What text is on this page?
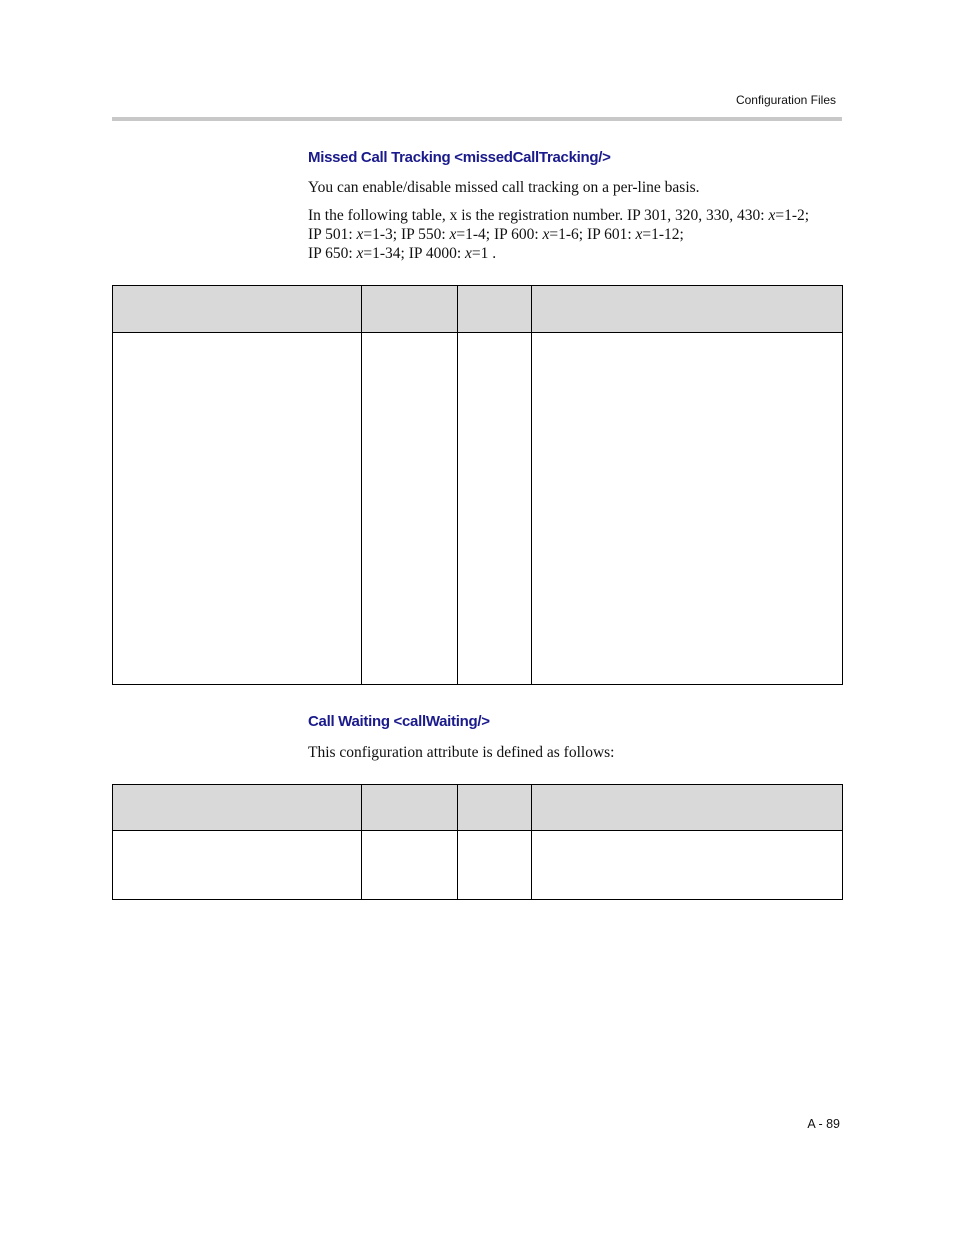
Configuration Files
Missed Call Tracking <missedCallTracking/>
You can enable/disable missed call tracking on a per-line basis.
In the following table, x is the registration number. IP 301, 320, 330, 430: x=1-2;
IP 501: x=1-3; IP 550: x=1-4; IP 600: x=1-6; IP 601: x=1-12;
IP 650: x=1-34; IP 4000: x=1 .

Call Waiting <callWaiting/>
This configuration attribute is defined as follows:

A - 89
